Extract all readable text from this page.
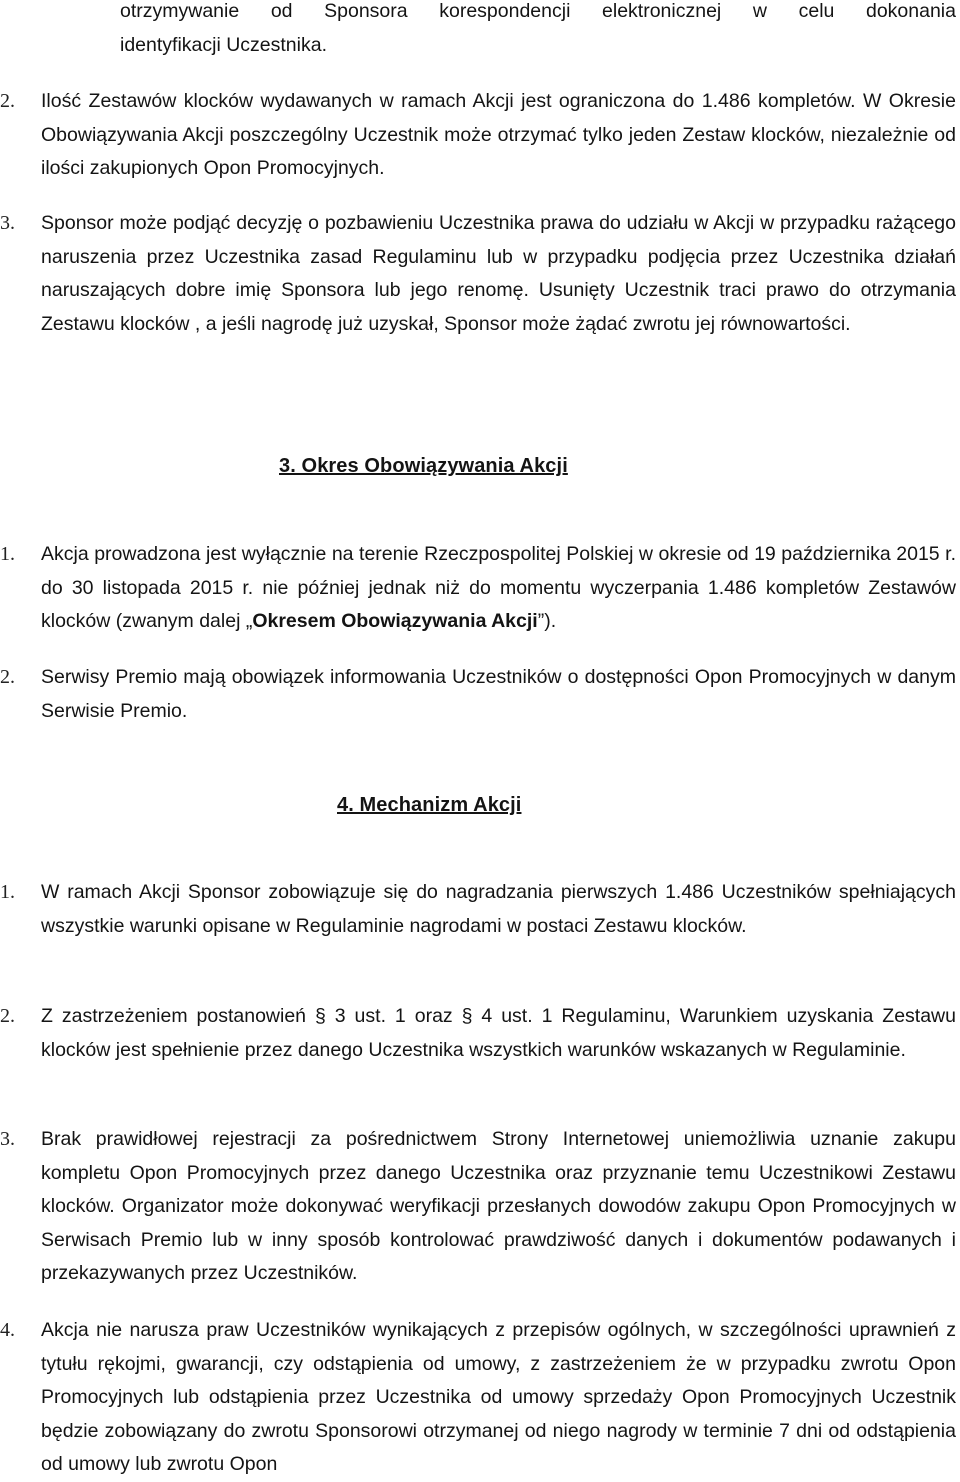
otrzymywanie od Sponsora korespondencji elektronicznej w celu dokonania
identyfikacji Uczestnika.
2. Ilość Zestawów klocków wydawanych w ramach Akcji jest ograniczona do 1.486 kompletów. W Okresie Obowiązywania Akcji poszczególny Uczestnik może otrzymać tylko jeden Zestaw klocków, niezależnie od ilości zakupionych Opon Promocyjnych.
3. Sponsor może podjąć decyzję o pozbawieniu Uczestnika prawa do udziału w Akcji w przypadku rażącego naruszenia przez Uczestnika zasad Regulaminu lub w przypadku podjęcia przez Uczestnika działań naruszających dobre imię Sponsora lub jego renomę. Usunięty Uczestnik traci prawo do otrzymania Zestawu klocków , a jeśli nagrodę już uzyskał, Sponsor może żądać zwrotu jej równowartości.
3. Okres Obowiązywania Akcji
1. Akcja prowadzona jest wyłącznie na terenie Rzeczpospolitej Polskiej w okresie od 19 października 2015 r. do 30 listopada 2015 r. nie później jednak niż do momentu wyczerpania 1.486 kompletów Zestawów klocków (zwanym dalej „Okresem Obowiązywania Akcji”).
2. Serwisy Premio mają obowiązek informowania Uczestników o dostępności Opon Promocyjnych w danym Serwisie Premio.
4. Mechanizm Akcji
1. W ramach Akcji Sponsor zobowiązuje się do nagradzania pierwszych 1.486 Uczestników spełniających wszystkie warunki opisane w Regulaminie nagrodami w postaci Zestawu klocków.
2. Z zastrzeżeniem postanowień § 3 ust. 1 oraz § 4 ust. 1 Regulaminu, Warunkiem uzyskania Zestawu klocków jest spełnienie przez danego Uczestnika wszystkich warunków wskazanych w Regulaminie.
3. Brak prawidłowej rejestracji za pośrednictwem Strony Internetowej uniemożliwia uznanie zakupu kompletu Opon Promocyjnych przez danego Uczestnika oraz przyznanie temu Uczestnikowi Zestawu klocków. Organizator może dokonywać weryfikacji przesłanych dowodów zakupu Opon Promocyjnych w Serwisach Premio lub w inny sposób kontrolować prawdziwość danych i dokumentów podawanych i przekazywanych przez Uczestników.
4. Akcja nie narusza praw Uczestników wynikających z przepisów ogólnych, w szczególności uprawnień z tytułu rękojmi, gwarancji, czy odstąpienia od umowy, z zastrzeżeniem że w przypadku zwrotu Opon Promocyjnych lub odstąpienia przez Uczestnika od umowy sprzedaży Opon Promocyjnych Uczestnik będzie zobowiązany do zwrotu Sponsorowi otrzymanej od niego nagrody w terminie 7 dni od odstąpienia od umowy lub zwrotu Opon
